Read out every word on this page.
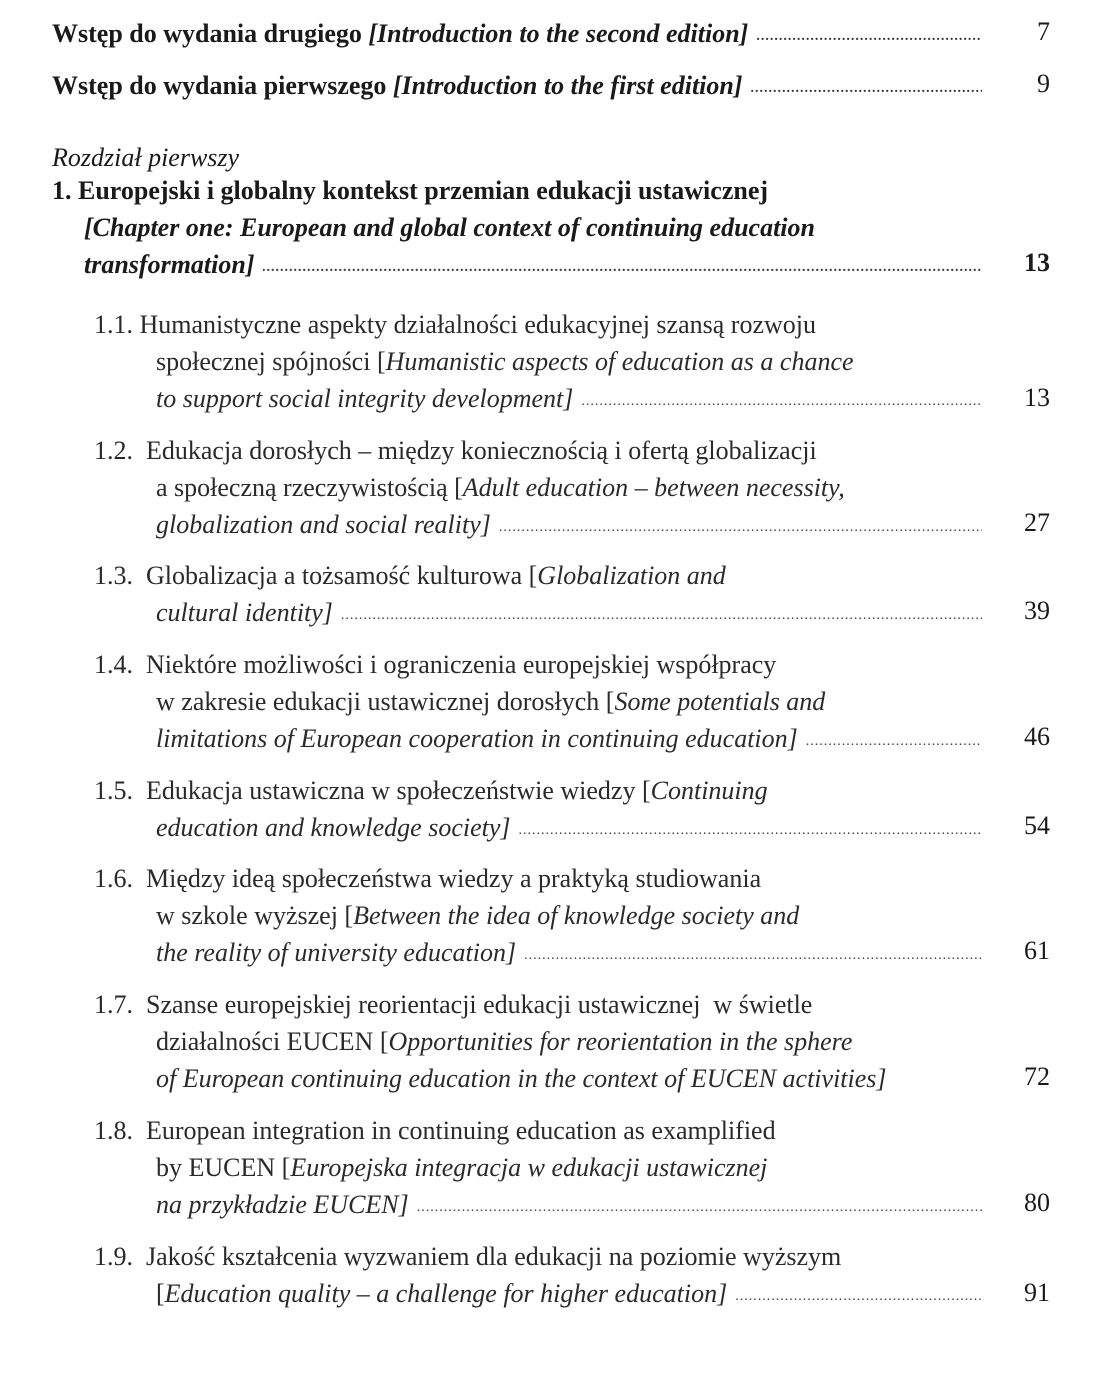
Wstęp do wydania drugiego [Introduction to the second edition] .....	7
Wstęp do wydania pierwszego [Introduction to the first edition] .....	9
Rozdział pierwszy
1. Europejski i globalny kontekst przemian edukacji ustawicznej
[Chapter one: European and global context of continuing education
transformation] .....	13
1.1. Humanistyczne aspekty działalności edukacyjnej szansą rozwoju
społecznej spójności [Humanistic aspects of education as a chance
to support social integrity development] .....	13
1.2. Edukacja dorosłych – między koniecznością i ofertą globalizacji
a społeczną rzeczywistością [Adult education – between necessity,
globalization and social reality] .....	27
1.3. Globalizacja a tożsamość kulturowa [Globalization and
cultural identity] .....	39
1.4. Niektóre możliwości i ograniczenia europejskiej współpracy
w zakresie edukacji ustawicznej dorosłych [Some potentials and
limitations of European cooperation in continuing education] .....	46
1.5. Edukacja ustawiczna w społeczeństwie wiedzy [Continuing
education and knowledge society] .....	54
1.6. Między ideą społeczeństwa wiedzy a praktyką studiowania
w szkole wyższej [Between the idea of knowledge society and
the reality of university education] .....	61
1.7. Szanse europejskiej reorientacji edukacji ustawicznej  w świetle
działalności EUCEN [Opportunities for reorientation in the sphere
of European continuing education in the context of EUCEN activities]	72
1.8. European integration in continuing education as examplified
by EUCEN [Europejska integracja w edukacji ustawicznej
na przykładzie EUCEN] .....	80
1.9. Jakość kształcenia wyzwaniem dla edukacji na poziomie wyższym
[Education quality – a challenge for higher education] .....	91
